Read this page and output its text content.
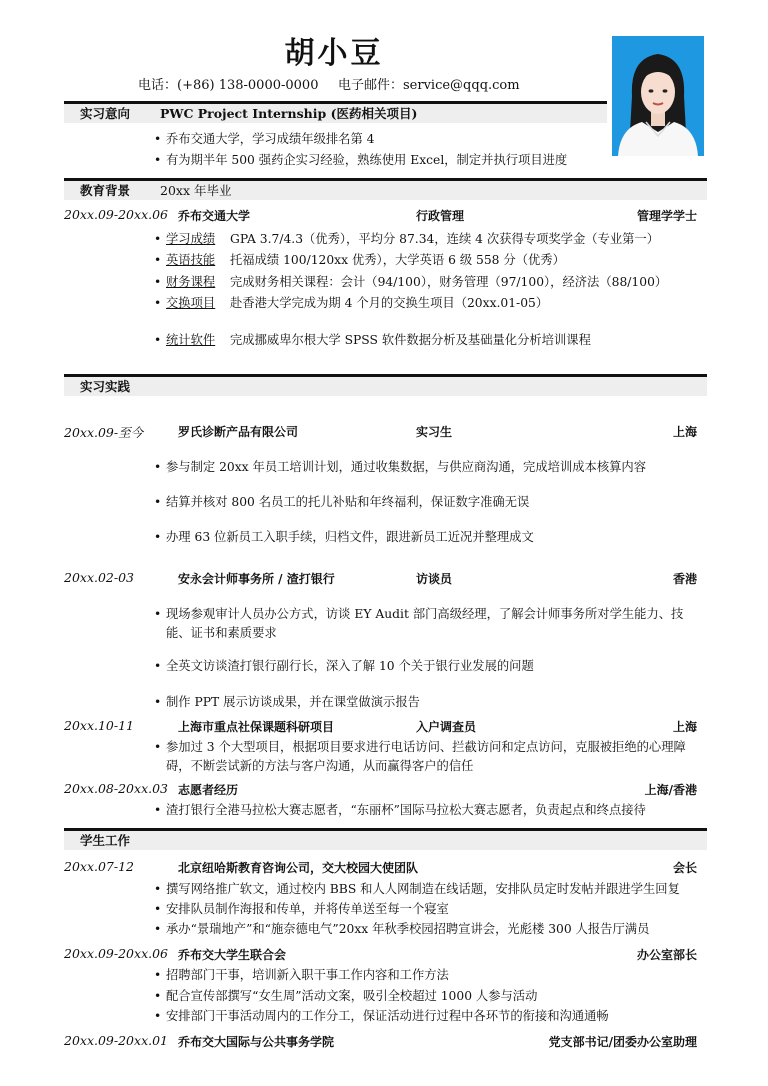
胡小豆
电话：(+86) 138-0000-0000 电子邮件：service@qqq.com
实习意向	PWC Project Internship (医药相关项目)
• 乔布交通大学，学习成绩年级排名第 4
• 有为期半年 500 强药企实习经验，熟练使用 Excel，制定并执行项目进度
教育背景	20xx 年毕业
20xx.09-20xx.06 乔布交通大学	行政管理	管理学学士
• 学习成绩 GPA 3.7/4.3（优秀），平均分 87.34，连续 4 次获得专项奖学金（专业第一）
• 英语技能 托福成绩 100/120xx 优秀），大学英语 6 级 558 分（优秀）
• 财务课程 完成财务相关课程：会计（94/100），财务管理（97/100），经济法（88/100）
• 交换项目 赴香港大学完成为期 4 个月的交换生项目（20xx.01-05）
• 统计软件 完成挪威卑尔根大学 SPSS 软件数据分析及基础量化分析培训课程
实习实践
20xx.09-至今	罗氏诊断产品有限公司	实习生	上海
• 参与制定 20xx 年员工培训计划，通过收集数据，与供应商沟通，完成培训成本核算内容
• 结算并核对 800 名员工的托儿补贴和年终福利，保证数字准确无误
• 办理 63 位新员工入职手续，归档文件，跟进新员工近况并整理成文
20xx.02-03	安永会计师事务所 / 渣打银行	访谈员	香港
• 现场参观审计人员办公方式，访谈 EY Audit 部门高级经理，了解会计师事务所对学生能力、技能、证书和素质要求
• 全英文访谈渣打银行副行长，深入了解 10 个关于银行业发展的问题
• 制作 PPT 展示访谈成果，并在课堂做演示报告
20xx.10-11	上海市重点社保课题科研项目	入户调查员	上海
• 参加过 3 个大型项目，根据项目要求进行电话访问、拦截访问和定点访问，克服被拒绝的心理障碍，不断尝试新的方法与客户沟通，从而赢得客户的信任
20xx.08-20xx.03 志愿者经历	上海/香港
• 渣打银行全港马拉松大赛志愿者，“东丽杯”国际马拉松大赛志愿者，负责起点和终点接待
学生工作
20xx.07-12	北京纽哈斯教育咨询公司，交大校园大使团队	会长
• 撰写网络推广软文，通过校内 BBS 和人人网制造在线话题，安排队员定时发帖并跟进学生回复
• 安排队员制作海报和传单，并将传单送至每一个寝室
• 承办“景瑞地产”和“施奈德电气”20xx 年秋季校园招聘宣讲会，光彪楼 300 人报告厅满员
20xx.09-20xx.06 乔布交大学生联合会	办公室部长
• 招聘部门干事，培训新入职干事工作内容和工作方法
• 配合宣传部撰写“女生周”活动文案，吸引全校超过 1000 人参与活动
• 安排部门干事活动周内的工作分工，保证活动进行过程中各环节的衔接和沟通通畅
20xx.09-20xx.01 乔布交大国际与公共事务学院	党支部书记/团委办公室助理
